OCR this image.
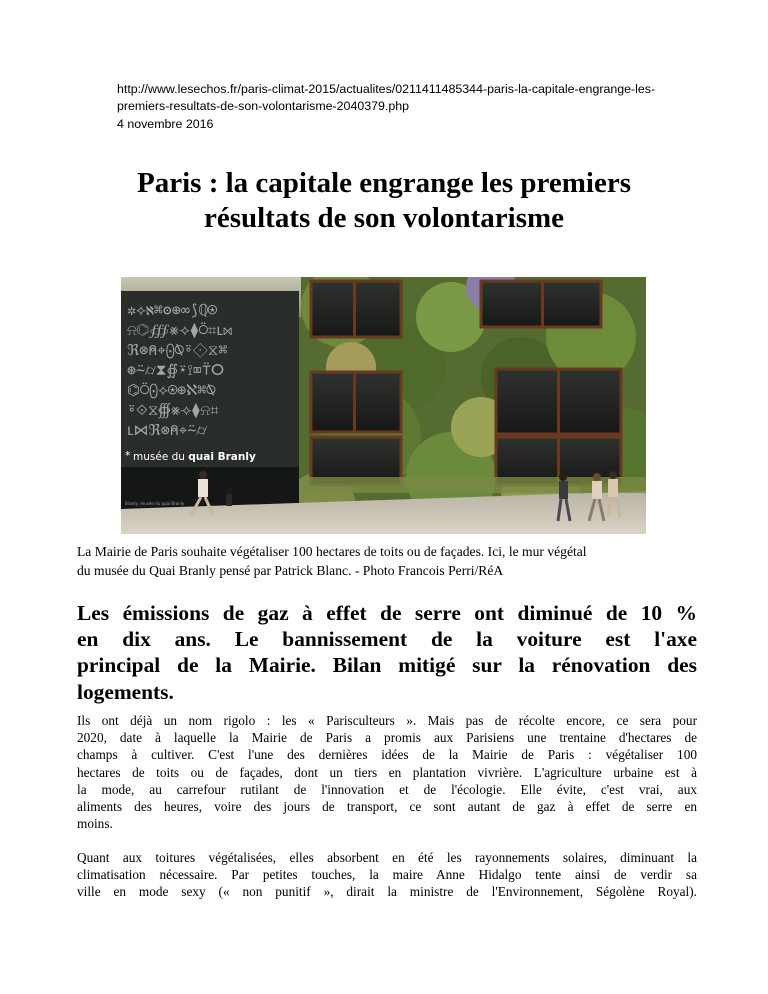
http://www.lesechos.fr/paris-climat-2015/actualites/0211411485344-paris-la-capitale-engrange-les-
premiers-resultats-de-son-volontarisme-2040379.php
4 novembre 2016
Paris : la capitale engrange les premiers
résultats de son volontarisme
✲⟡ℵ⌘ʘ⊕∞⟆ℚ⍟
⍾⌬∰⨳⟢⧫⍥⌗ⳑ⋈
ℜ⊗⍝⌖⨀⍉⍤⟐⧖⌘
⊛⍨⌭⧗∯⍣⟟⌧⍡ⵔ
⌬⍥⨀⟡⍟⊕ℵ⌘⍉
⍤⟐⧖∰⨳⟢⧫⍾⌗
ⳑ⋈ℜ⊗⍝⌖⍨⌭
* musée du quai Branly
Branly, musée du quai Branly
La Mairie de Paris souhaite végétaliser 100 hectares de toits ou de façades. Ici, le mur végétal
du musée du Quai Branly pensé par Patrick Blanc. - Photo Francois Perri/RéA
Les émissions de gaz à effet de serre ont diminué de 10 %
en dix ans. Le bannissement de la voiture est l'axe
principal de la Mairie. Bilan mitigé sur la rénovation des
logements.
Ils ont déjà un nom rigolo : les « Parisculteurs ». Mais pas de récolte encore, ce sera pour
2020, date à laquelle la Mairie de Paris a promis aux Parisiens une trentaine d'hectares de
champs à cultiver. C'est l'une des dernières idées de la Mairie de Paris : végétaliser 100
hectares de toits ou de façades, dont un tiers en plantation vivrière. L'agriculture urbaine est à
la mode, au carrefour rutilant de l'innovation et de l'écologie. Elle évite, c'est vrai, aux
aliments des heures, voire des jours de transport, ce sont autant de gaz à effet de serre en
moins.
Quant aux toitures végétalisées, elles absorbent en été les rayonnements solaires, diminuant la
climatisation nécessaire. Par petites touches, la maire Anne Hidalgo tente ainsi de verdir sa
ville en mode sexy (« non punitif », dirait la ministre de l'Environnement, Ségolène Royal).
